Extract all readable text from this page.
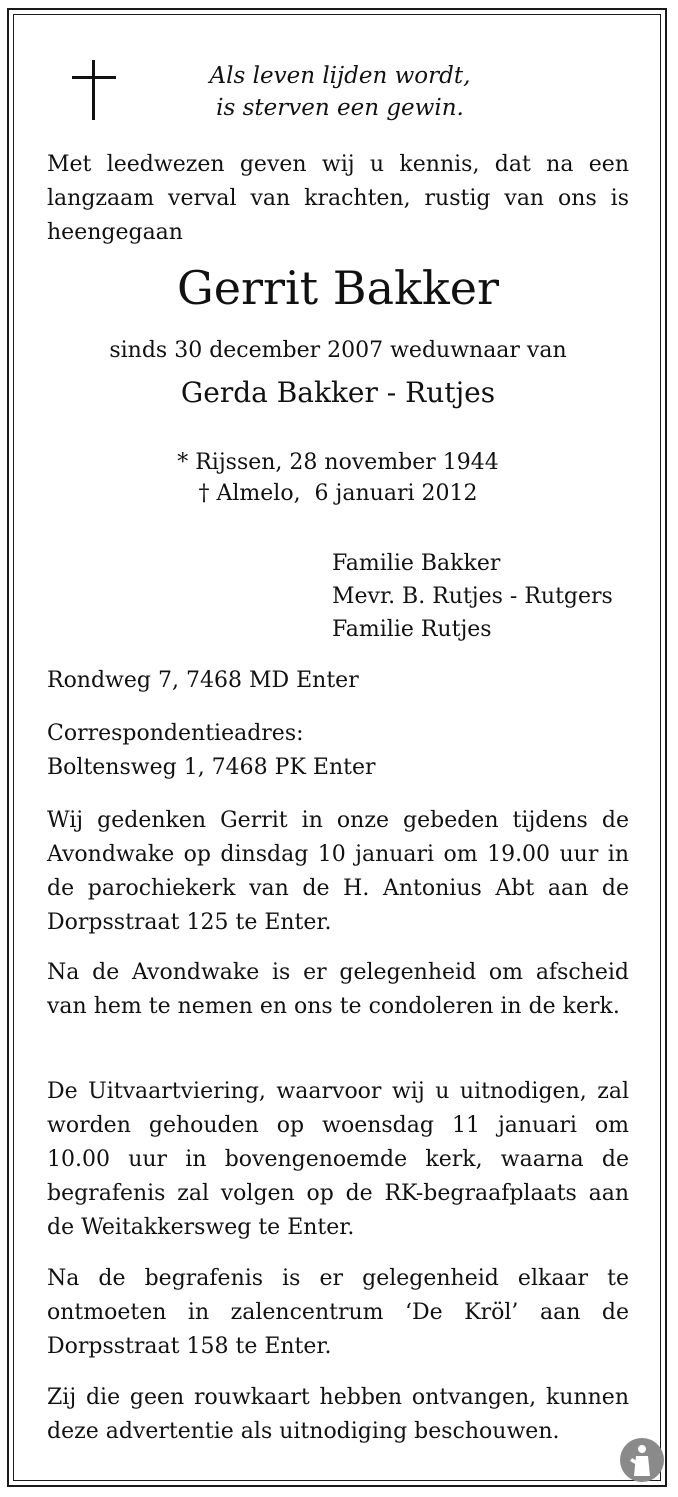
Als leven lijden wordt,
is sterven een gewin.
Met leedwezen geven wij u kennis, dat na een langzaam verval van krachten, rustig van ons is heengegaan
Gerrit Bakker
sinds 30 december 2007 weduwnaar van
Gerda Bakker - Rutjes
* Rijssen, 28 november 1944
† Almelo,  6 januari 2012
Familie Bakker
Mevr. B. Rutjes - Rutgers
Familie Rutjes
Rondweg 7, 7468 MD Enter
Correspondentieadres:
Boltensweg 1, 7468 PK Enter
Wij gedenken Gerrit in onze gebeden tijdens de Avondwake op dinsdag 10 januari om 19.00 uur in de parochiekerk van de H. Antonius Abt aan de Dorpsstraat 125 te Enter.
Na de Avondwake is er gelegenheid om afscheid van hem te nemen en ons te condoleren in de kerk.
De Uitvaartviering, waarvoor wij u uitnodigen, zal worden gehouden op woensdag 11 januari om 10.00 uur in bovengenoemde kerk, waarna de begrafenis zal volgen op de RK-begraafplaats aan de Weitakkersweg te Enter.
Na de begrafenis is er gelegenheid elkaar te ontmoeten in zalencentrum ‘De Kröl’ aan de Dorpsstraat 158 te Enter.
Zij die geen rouwkaart hebben ontvangen, kunnen deze advertentie als uitnodiging beschouwen.
